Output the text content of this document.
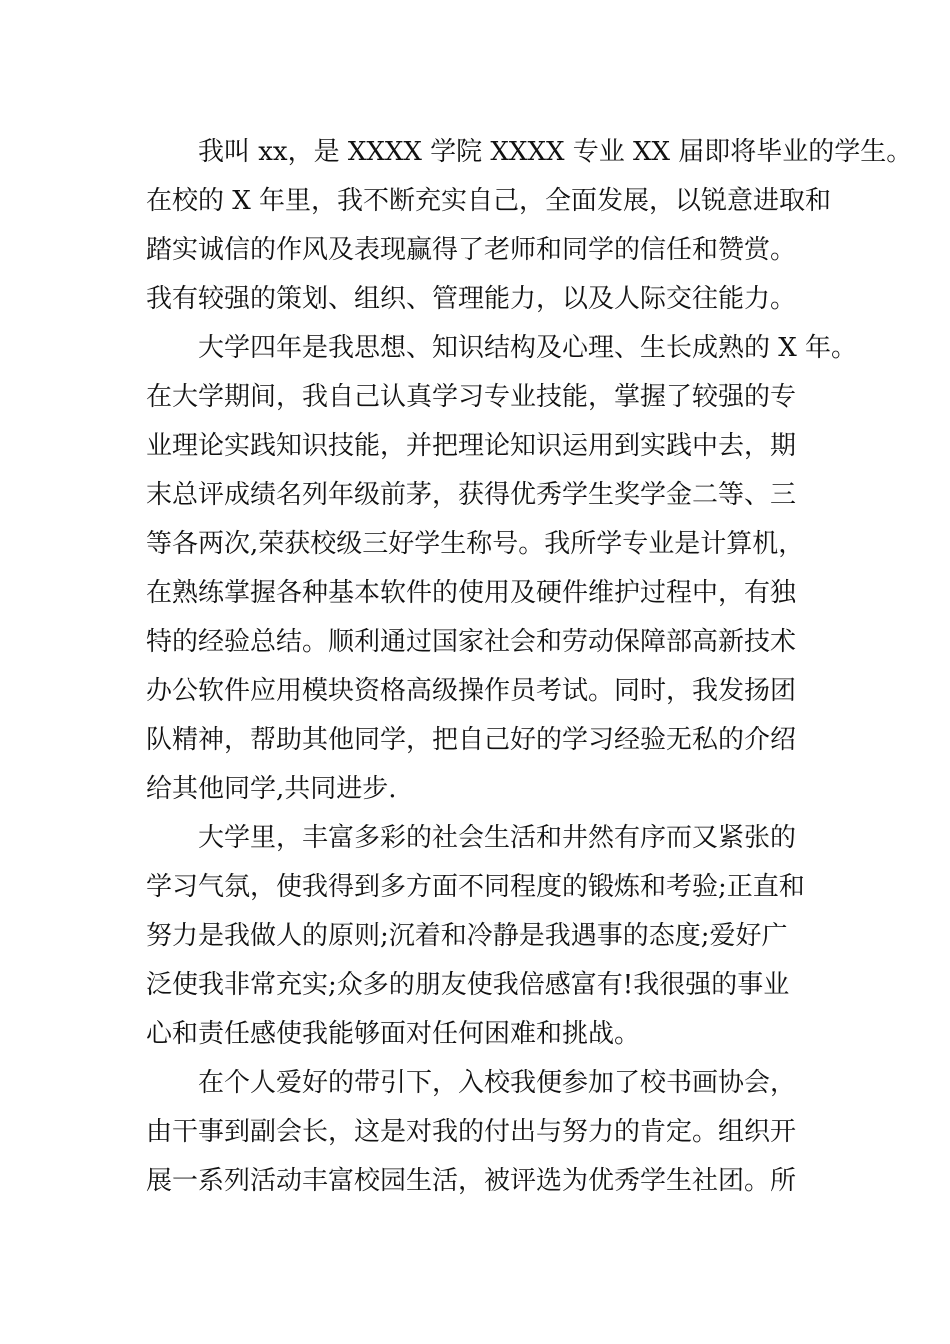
我叫 xx，是 XXXX 学院 XXXX 专业 XX 届即将毕业的学生。
在校的 X 年里，我不断充实自己，全面发展，以锐意进取和
踏实诚信的作风及表现赢得了老师和同学的信任和赞赏。
我有较强的策划、组织、管理能力，以及人际交往能力。
大学四年是我思想、知识结构及心理、生长成熟的 X 年。
在大学期间，我自己认真学习专业技能，掌握了较强的专
业理论实践知识技能，并把理论知识运用到实践中去，期
末总评成绩名列年级前茅，获得优秀学生奖学金二等、三
等各两次,荣获校级三好学生称号。我所学专业是计算机，
在熟练掌握各种基本软件的使用及硬件维护过程中，有独
特的经验总结。顺利通过国家社会和劳动保障部高新技术
办公软件应用模块资格高级操作员考试。同时，我发扬团
队精神，帮助其他同学，把自己好的学习经验无私的介绍
给其他同学,共同进步.
大学里，丰富多彩的社会生活和井然有序而又紧张的
学习气氛，使我得到多方面不同程度的锻炼和考验;正直和
努力是我做人的原则;沉着和冷静是我遇事的态度;爱好广
泛使我非常充实;众多的朋友使我倍感富有!我很强的事业
心和责任感使我能够面对任何困难和挑战。
在个人爱好的带引下，入校我便参加了校书画协会，
由干事到副会长，这是对我的付出与努力的肯定。组织开
展一系列活动丰富校园生活，被评选为优秀学生社团。所
